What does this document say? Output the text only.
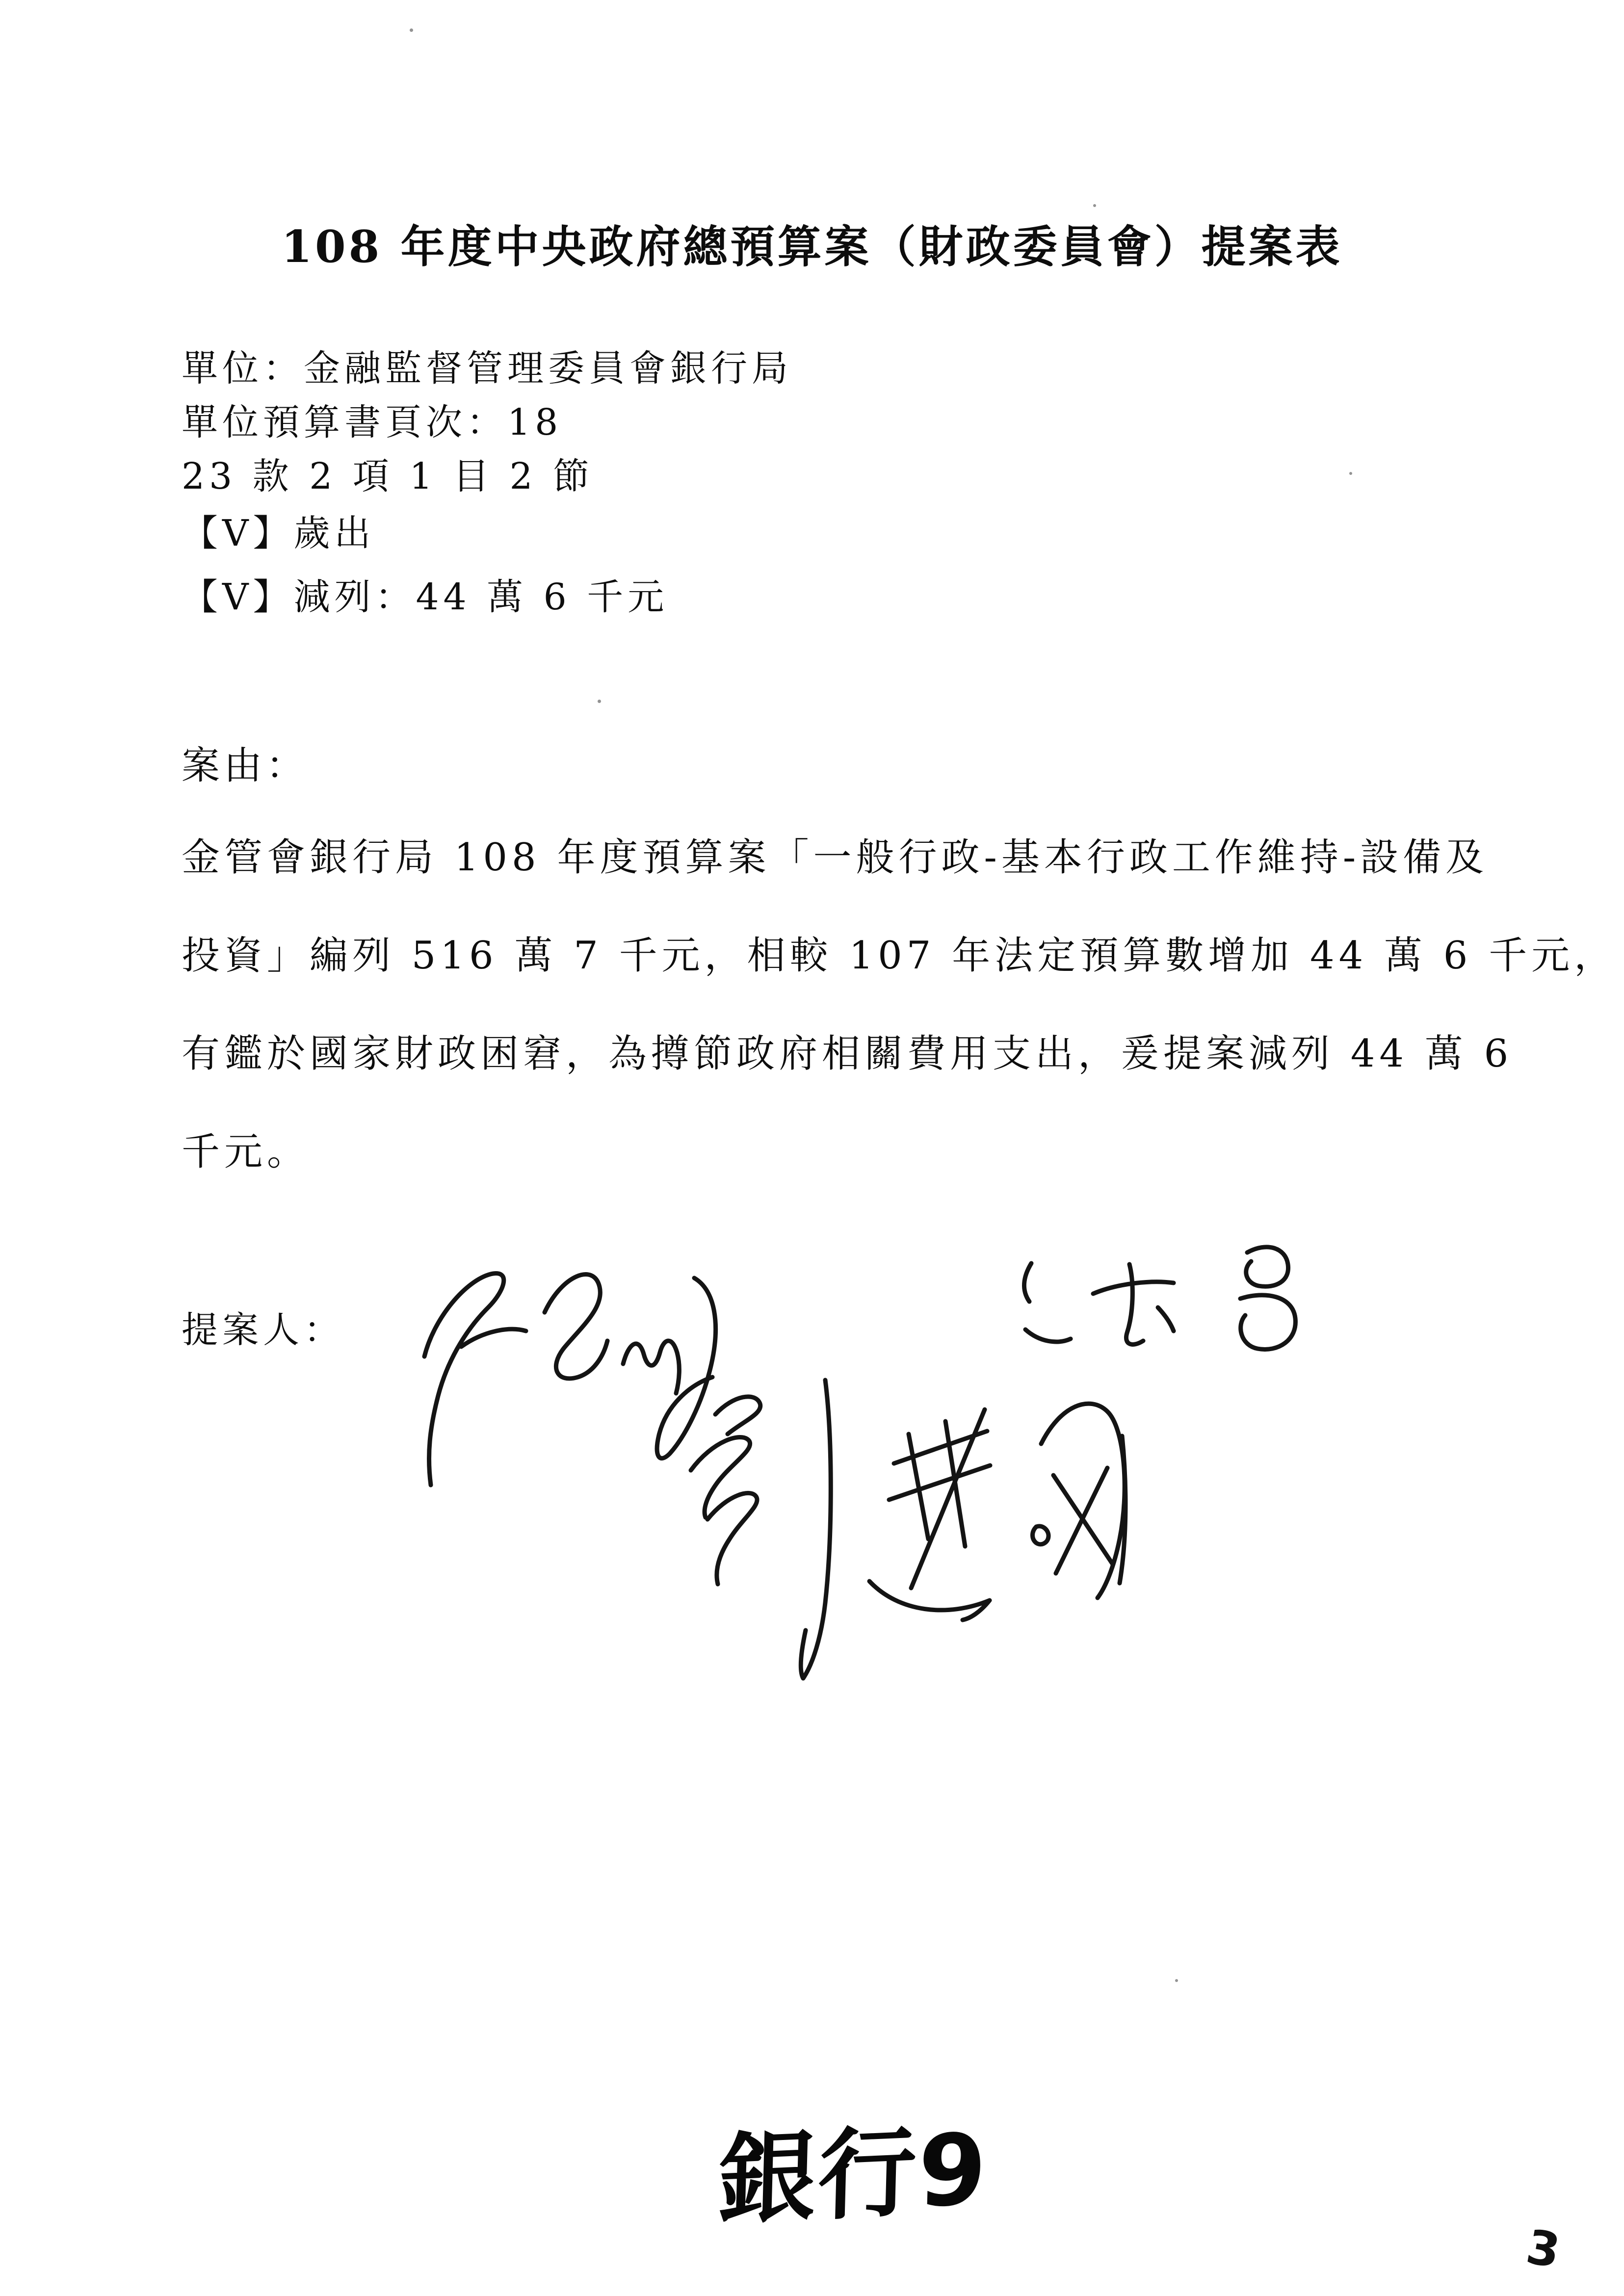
108 年度中央政府總預算案（財政委員會）提案表
單位：金融監督管理委員會銀行局
單位預算書頁次：18
23 款 2 項 1 目 2 節
【V】歲出
【V】減列：44 萬 6 千元
案由：
金管會銀行局 108 年度預算案「一般行政-基本行政工作維持-設備及
投資」編列 516 萬 7 千元，相較 107 年法定預算數增加 44 萬 6 千元，
有鑑於國家財政困窘，為撙節政府相關費用支出，爰提案減列 44 萬 6
千元。
提案人：
銀行9
3
